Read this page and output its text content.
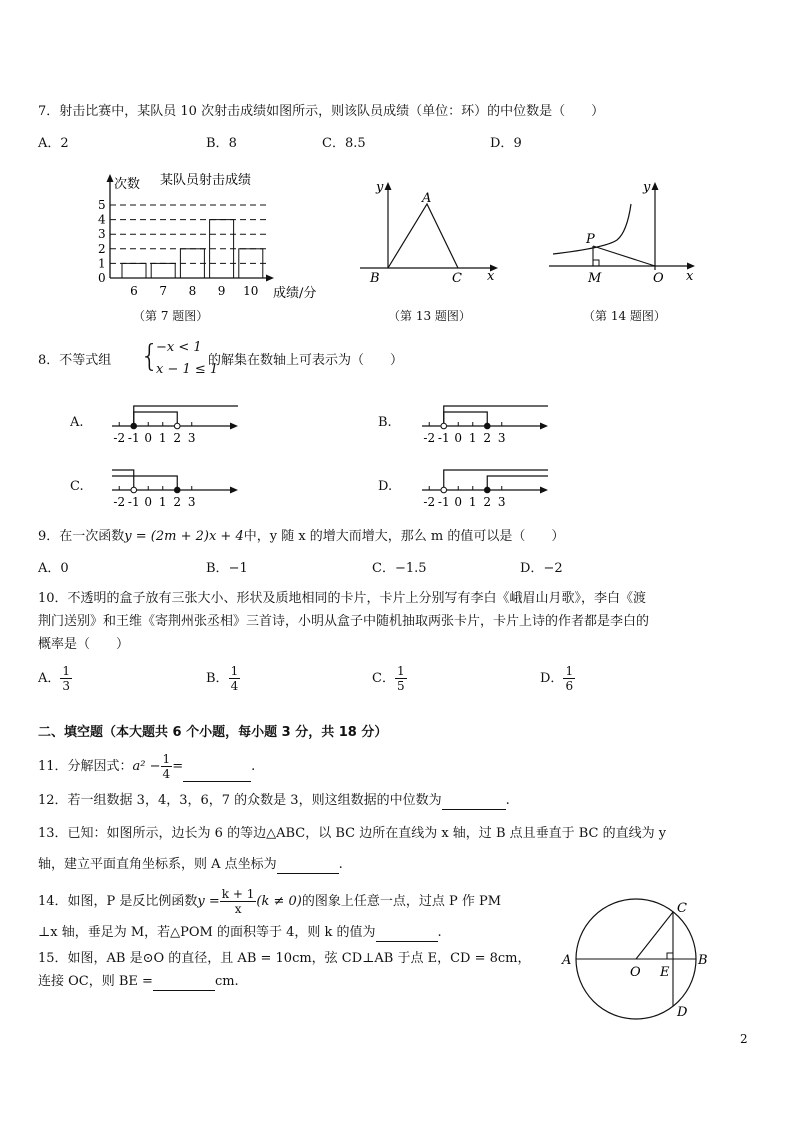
7．射击比赛中，某队员 10 次射击成绩如图所示，则该队员成绩（单位：环）的中位数是（　　）
A．2	B．8	C．8.5	D．9
0
1
2
3
4
5
6 7 8 9 10
次数 某队员射击成绩
成绩/分
（第 7 题图）
y
x
A
B	C
（第 13 题图）
y
x
P
M	O
（第 14 题图）
8．不等式组 {
−x < 1
x − 1 ≤ 1
的解集在数轴上可表示为（　　）
A.
-2 -1 0 1 2 3
B.
-2 -1 0 1 2 3
C.
-2 -1 0 1 2 3
D.
-2 -1 0 1 2 3
9．在一次函数y = (2m + 2)x + 4中，y 随 x 的增大而增大，那么 m 的值可以是（　　）
A．0	B．−1	C．−1.5	D．−2
10．不透明的盒子放有三张大小、形状及质地相同的卡片，卡片上分别写有李白《峨眉山月歌》，李白《渡
荆门送别》和王维《寄荆州张丞相》三首诗，小明从盒子中随机抽取两张卡片，卡片上诗的作者都是李白的
概率是（　　）
A． $\frac{1}{3}$	B． $\frac{1}{4}$	C． $\frac{1}{5}$	D． $\frac{1}{6}$
二、填空题（本大题共 6 个小题，每小题 3 分，共 18 分）
11．分解因式：$a^2 - \frac{1}{4}$ =	.
12．若一组数据 3，4，3，6，7 的众数是 3，则这组数据的中位数为	.
13．已知：如图所示，边长为 6 的等边△ABC，以 BC 边所在直线为 x 轴，过 B 点且垂直于 BC 的直线为 y
轴，建立平面直角坐标系，则 A 点坐标为	.
14．如图，P 是反比例函数$y = \frac{k + 1}{x} (k \ne 0)$的图象上任意一点，过点 P 作 PM
⊥x 轴，垂足为 M，若△POM 的面积等于 4，则 k 的值为	.
15．如图，AB 是⊙O 的直径，且 AB = 10cm，弦 CD⊥AB 于点 E，CD = 8cm，
连接 OC，则 BE =	cm.
A	B
C
D
O E
2
